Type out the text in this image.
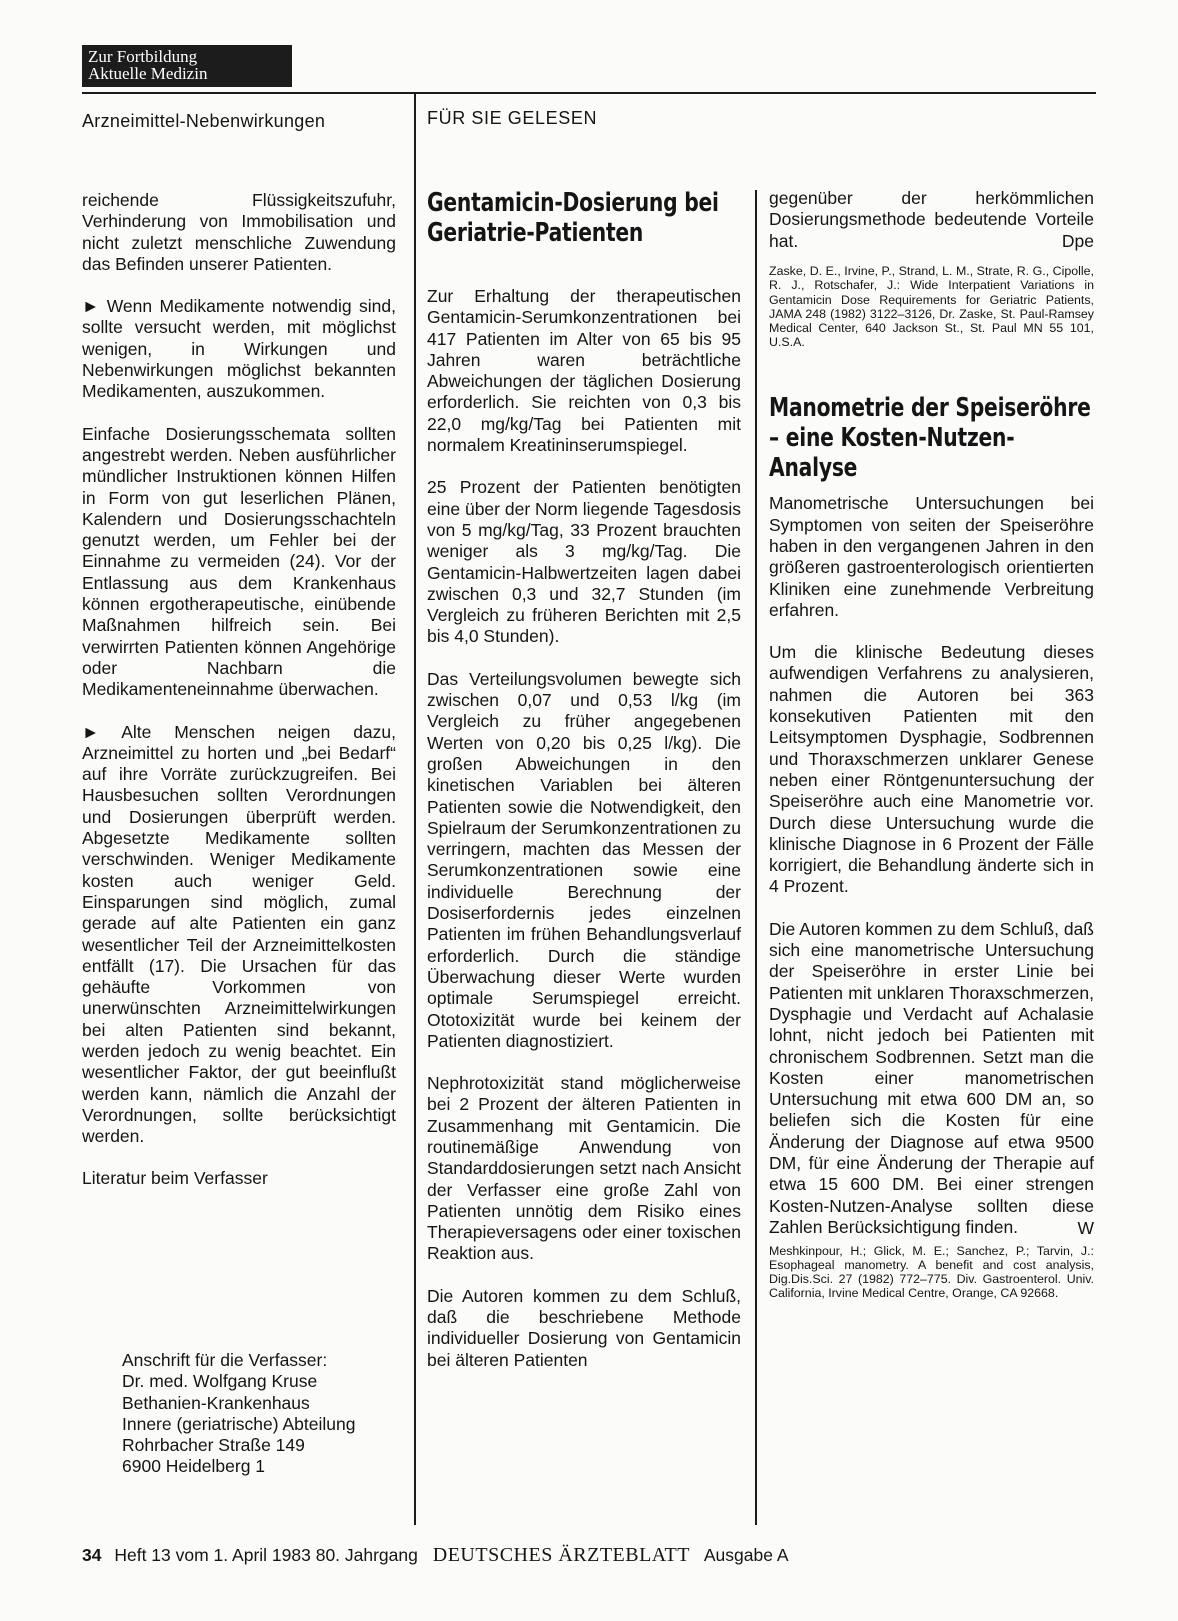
Zur Fortbildung
Aktuelle Medizin
Arzneimittel-Nebenwirkungen	FÜR SIE GELESEN

reichende Flüssigkeitszufuhr, Verhinderung von Immobilisation und nicht zuletzt menschliche Zuwendung das Befinden unserer Patienten.

► Wenn Medikamente notwendig sind, sollte versucht werden, mit möglichst wenigen, in Wirkungen und Nebenwirkungen möglichst bekannten Medikamenten, auszukommen.

Einfache Dosierungsschemata sollten angestrebt werden. Neben ausführlicher mündlicher Instruktionen können Hilfen in Form von gut leserlichen Plänen, Kalendern und Dosierungsschachteln genutzt werden, um Fehler bei der Einnahme zu vermeiden (24). Vor der Entlassung aus dem Krankenhaus können ergotherapeutische, einübende Maßnahmen hilfreich sein. Bei verwirrten Patienten können Angehörige oder Nachbarn die Medikamenteneinnahme überwachen.

► Alte Menschen neigen dazu, Arzneimittel zu horten und „bei Bedarf“ auf ihre Vorräte zurückzugreifen. Bei Hausbesuchen sollten Verordnungen und Dosierungen überprüft werden. Abgesetzte Medikamente sollten verschwinden. Weniger Medikamente kosten auch weniger Geld. Einsparungen sind möglich, zumal gerade auf alte Patienten ein ganz wesentlicher Teil der Arzneimittelkosten entfällt (17). Die Ursachen für das gehäufte Vorkommen von unerwünschten Arzneimittelwirkungen bei alten Patienten sind bekannt, werden jedoch zu wenig beachtet. Ein wesentlicher Faktor, der gut beeinflußt werden kann, nämlich die Anzahl der Verordnungen, sollte berücksichtigt werden.

Literatur beim Verfasser

Anschrift für die Verfasser:
Dr. med. Wolfgang Kruse
Bethanien-Krankenhaus
Innere (geriatrische) Abteilung
Rohrbacher Straße 149
6900 Heidelberg 1
Gentamicin-Dosierung bei Geriatrie-Patienten

Zur Erhaltung der therapeutischen Gentamicin-Serumkonzentrationen bei 417 Patienten im Alter von 65 bis 95 Jahren waren beträchtliche Abweichungen der täglichen Dosierung erforderlich. Sie reichten von 0,3 bis 22,0 mg/kg/Tag bei Patienten mit normalem Kreatininserumspiegel.

25 Prozent der Patienten benötigten eine über der Norm liegende Tagesdosis von 5 mg/kg/Tag, 33 Prozent brauchten weniger als 3 mg/kg/Tag. Die Gentamicin-Halbwertzeiten lagen dabei zwischen 0,3 und 32,7 Stunden (im Vergleich zu früheren Berichten mit 2,5 bis 4,0 Stunden).

Das Verteilungsvolumen bewegte sich zwischen 0,07 und 0,53 l/kg (im Vergleich zu früher angegebenen Werten von 0,20 bis 0,25 l/kg). Die großen Abweichungen in den kinetischen Variablen bei älteren Patienten sowie die Notwendigkeit, den Spielraum der Serumkonzentrationen zu verringern, machten das Messen der Serumkonzentrationen sowie eine individuelle Berechnung der Dosiserfordernis jedes einzelnen Patienten im frühen Behandlungsverlauf erforderlich. Durch die ständige Überwachung dieser Werte wurden optimale Serumspiegel erreicht. Ototoxizität wurde bei keinem der Patienten diagnostiziert.

Nephrotoxizität stand möglicherweise bei 2 Prozent der älteren Patienten in Zusammenhang mit Gentamicin. Die routinemäßige Anwendung von Standarddosierungen setzt nach Ansicht der Verfasser eine große Zahl von Patienten unnötig dem Risiko eines Therapieversagens oder einer toxischen Reaktion aus.

Die Autoren kommen zu dem Schluß, daß die beschriebene Methode individueller Dosierung von Gentamicin bei älteren Patienten

gegenüber der herkömmlichen Dosierungsmethode bedeutende Vorteile hat.	Dpe

Zaske, D. E., Irvine, P., Strand, L. M., Strate, R. G., Cipolle, R. J., Rotschafer, J.: Wide Interpatient Variations in Gentamicin Dose Requirements for Geriatric Patients, JAMA 248 (1982) 3122–3126, Dr. Zaske, St. Paul-Ramsey Medical Center, 640 Jackson St., St. Paul MN 55 101, U.S.A.

Manometrie der Speiseröhre – eine Kosten-Nutzen-Analyse

Manometrische Untersuchungen bei Symptomen von seiten der Speiseröhre haben in den vergangenen Jahren in den größeren gastroenterologisch orientierten Kliniken eine zunehmende Verbreitung erfahren.

Um die klinische Bedeutung dieses aufwendigen Verfahrens zu analysieren, nahmen die Autoren bei 363 konsekutiven Patienten mit den Leitsymptomen Dysphagie, Sodbrennen und Thoraxschmerzen unklarer Genese neben einer Röntgenuntersuchung der Speiseröhre auch eine Manometrie vor. Durch diese Untersuchung wurde die klinische Diagnose in 6 Prozent der Fälle korrigiert, die Behandlung änderte sich in 4 Prozent.

Die Autoren kommen zu dem Schluß, daß sich eine manometrische Untersuchung der Speiseröhre in erster Linie bei Patienten mit unklaren Thoraxschmerzen, Dysphagie und Verdacht auf Achalasie lohnt, nicht jedoch bei Patienten mit chronischem Sodbrennen. Setzt man die Kosten einer manometrischen Untersuchung mit etwa 600 DM an, so beliefen sich die Kosten für eine Änderung der Diagnose auf etwa 9500 DM, für eine Änderung der Therapie auf etwa 15 600 DM. Bei einer strengen Kosten-Nutzen-Analyse sollten diese Zahlen Berücksichtigung finden.	W

Meshkinpour, H.; Glick, M. E.; Sanchez, P.; Tarvin, J.: Esophageal manometry. A benefit and cost analysis, Dig.Dis.Sci. 27 (1982) 772–775. Div. Gastroenterol. Univ. California, Irvine Medical Centre, Orange, CA 92668.

34 Heft 13 vom 1. April 1983 80. Jahrgang DEUTSCHES ÄRZTEBLATT Ausgabe A
